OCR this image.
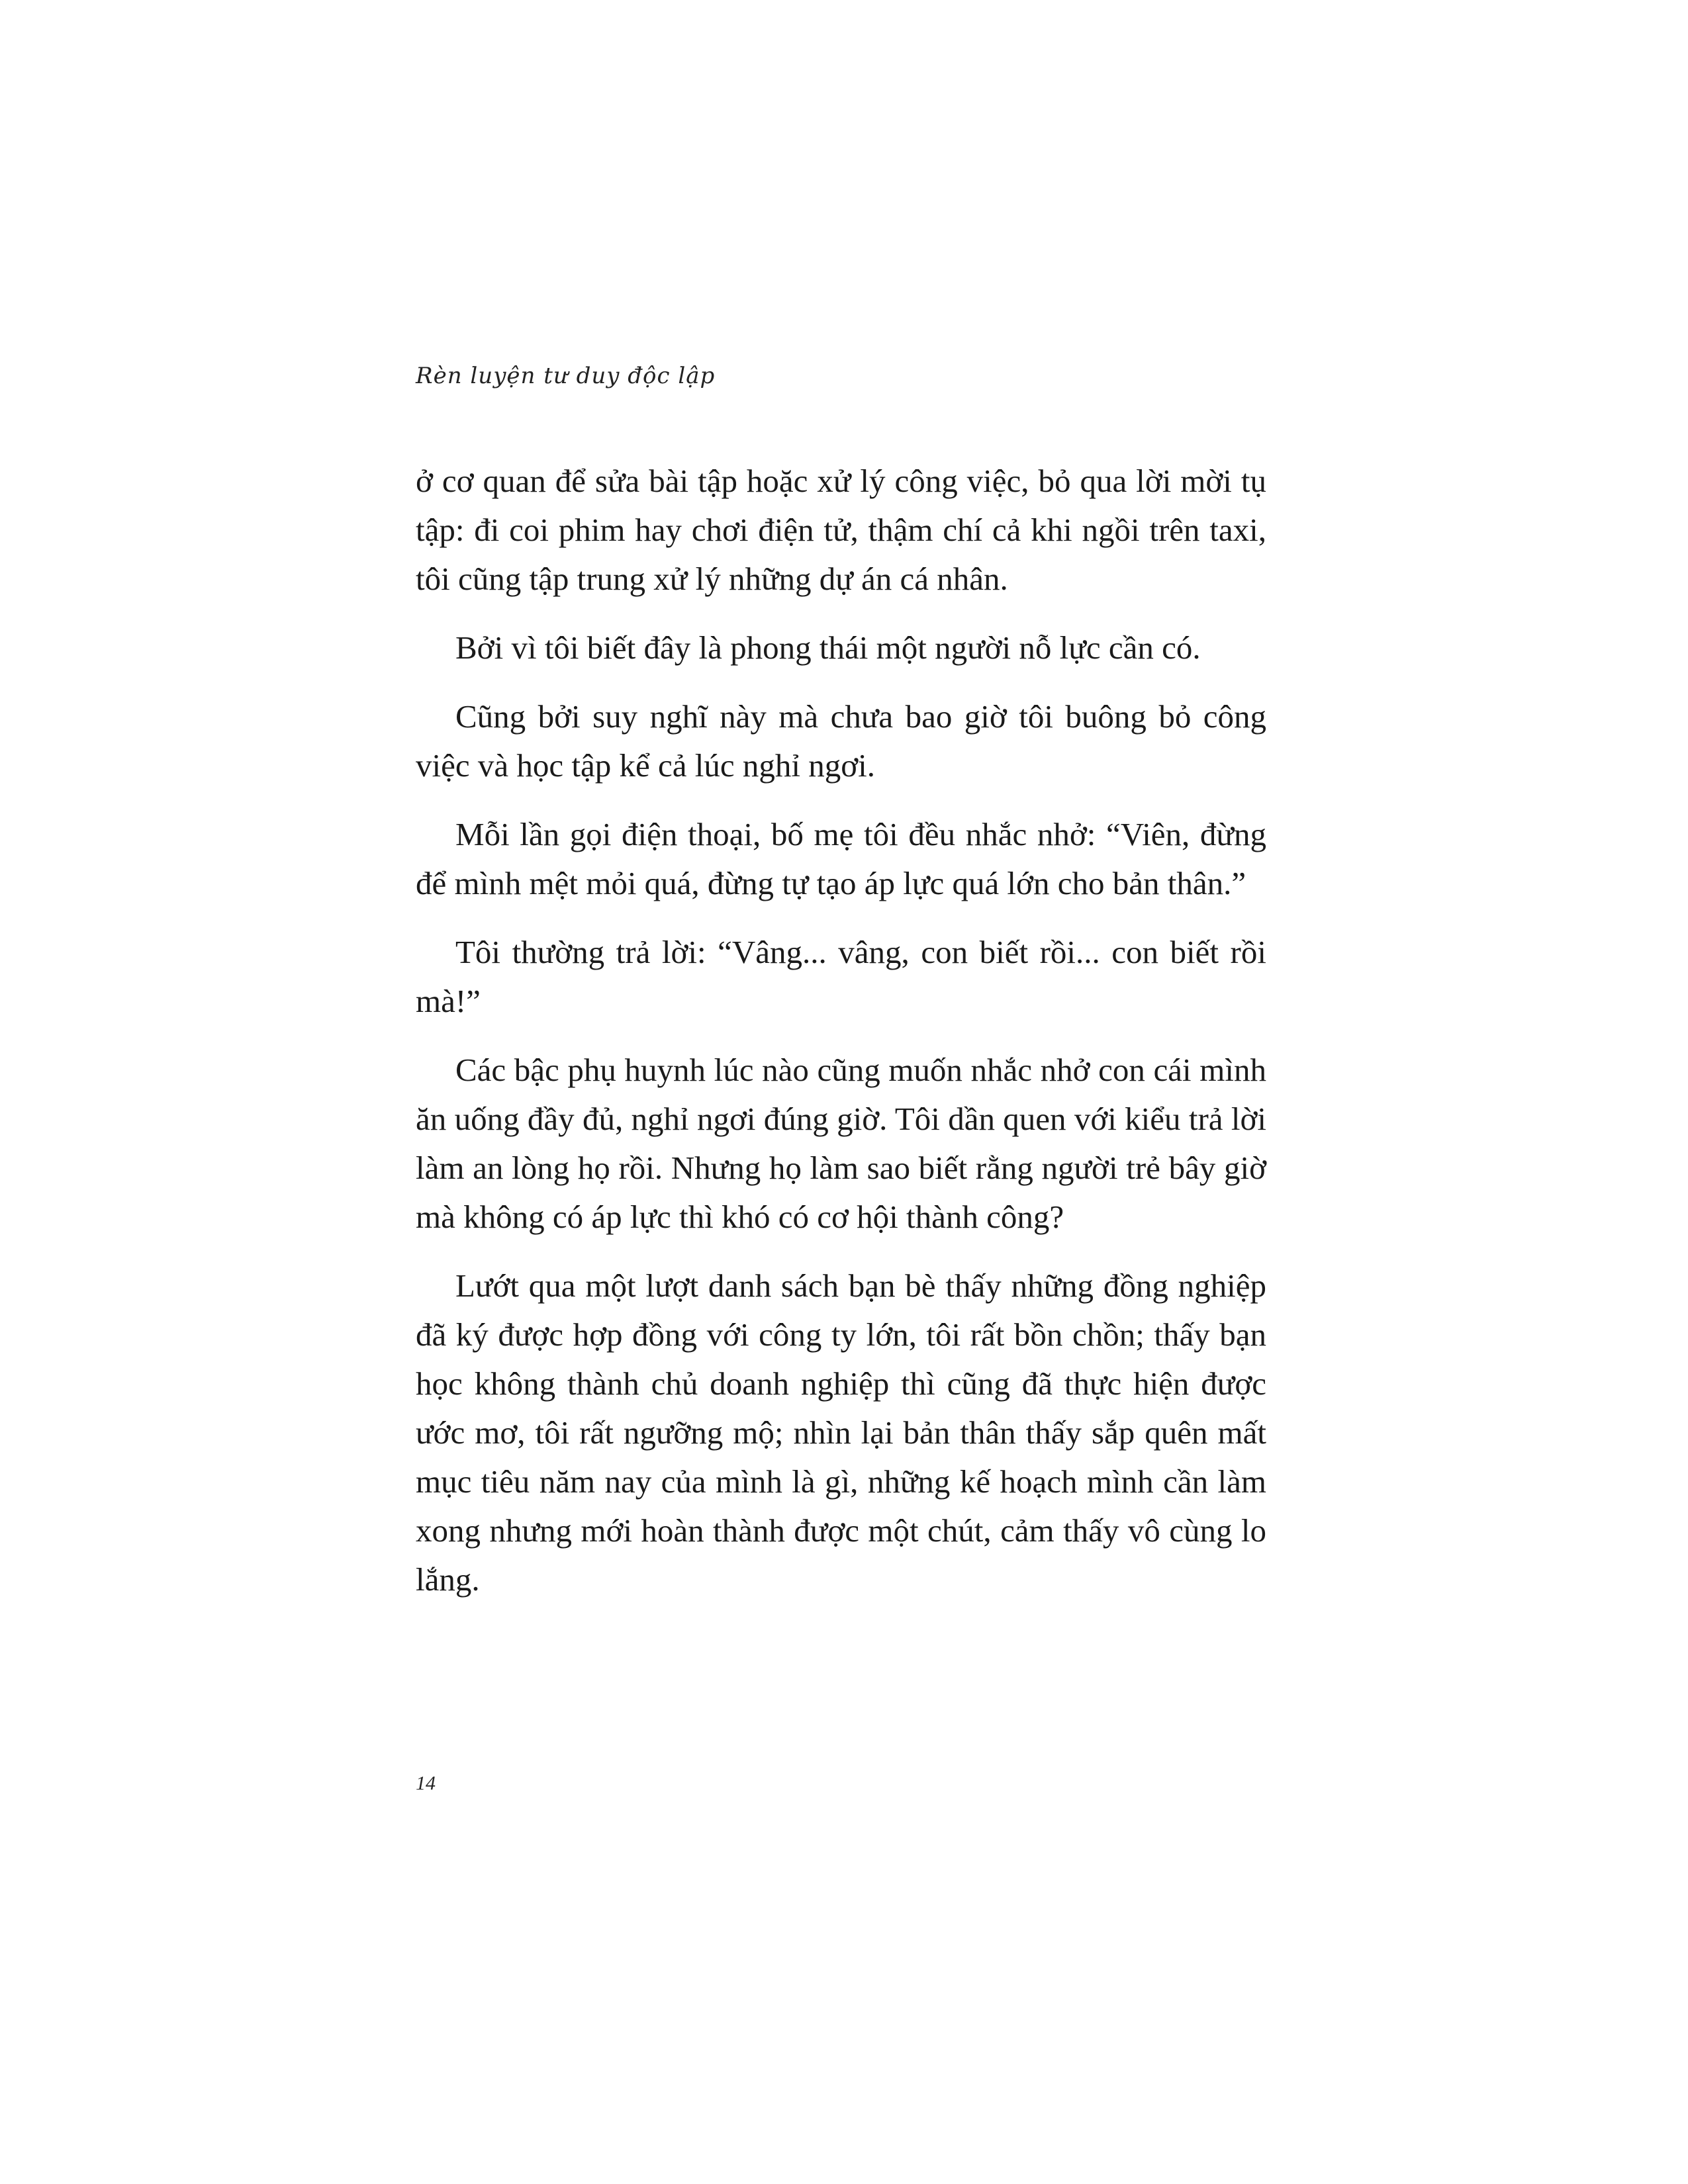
Rèn luyện tư duy độc lập

ở cơ quan để sửa bài tập hoặc xử lý công việc, bỏ qua lời mời tụ tập: đi coi phim hay chơi điện tử, thậm chí cả khi ngồi trên taxi, tôi cũng tập trung xử lý những dự án cá nhân.

Bởi vì tôi biết đây là phong thái một người nỗ lực cần có.

Cũng bởi suy nghĩ này mà chưa bao giờ tôi buông bỏ công việc và học tập kể cả lúc nghỉ ngơi.

Mỗi lần gọi điện thoại, bố mẹ tôi đều nhắc nhở: “Viên, đừng để mình mệt mỏi quá, đừng tự tạo áp lực quá lớn cho bản thân.”

Tôi thường trả lời: “Vâng... vâng, con biết rồi... con biết rồi mà!”

Các bậc phụ huynh lúc nào cũng muốn nhắc nhở con cái mình ăn uống đầy đủ, nghỉ ngơi đúng giờ. Tôi dần quen với kiểu trả lời làm an lòng họ rồi. Nhưng họ làm sao biết rằng người trẻ bây giờ mà không có áp lực thì khó có cơ hội thành công?

Lướt qua một lượt danh sách bạn bè thấy những đồng nghiệp đã ký được hợp đồng với công ty lớn, tôi rất bồn chồn; thấy bạn học không thành chủ doanh nghiệp thì cũng đã thực hiện được ước mơ, tôi rất ngưỡng mộ; nhìn lại bản thân thấy sắp quên mất mục tiêu năm nay của mình là gì, những kế hoạch mình cần làm xong nhưng mới hoàn thành được một chút, cảm thấy vô cùng lo lắng.

14
